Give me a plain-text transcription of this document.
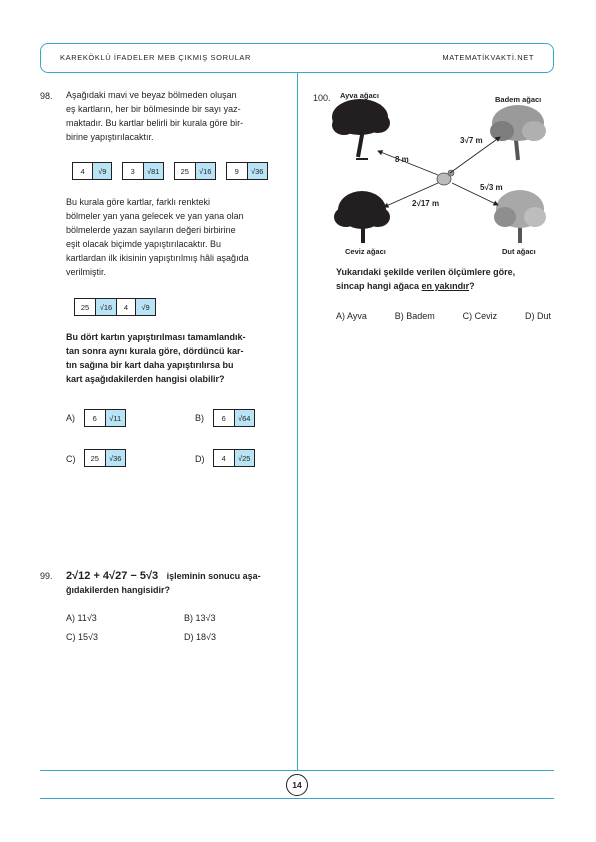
KAREKÖKLÜ İFADELER MEB ÇIKMIŞ SORULAR	MATEMATİKVAKTİ.NET
98. Aşağıdaki mavi ve beyaz bölmeden oluşan
eş kartların, her bir bölmesinde bir sayı yaz-
maktadır. Bu kartlar belirli bir kurala göre bir-
birine yapıştırılacaktır.
4	√9	3	√81	25	√16	9	√36
Bu kurala göre kartlar, farklı renkteki
bölmeler yan yana gelecek ve yan yana olan
bölmelerde yazan sayıların değeri birbirine
eşit olacak biçimde yapıştırılacaktır. Bu
kartlardan ilk ikisinin yapıştırılmış hâli aşağıda
verilmiştir.
25	√16	4	√9
Bu dört kartın yapıştırılması tamamlandık-
tan sonra aynı kurala göre, dördüncü kar-
tın sağına bir kart daha yapıştırılırsa bu
kart aşağıdakilerden hangisi olabilir?
A)	6	√11	B)	6	√64
C)	25	√36	D)	4	√25
99. 2√12 + 4√27 − 5√3 işleminin sonucu aşa-
ğıdakilerden hangisidir?
A) 11√3	B) 13√3
C) 15√3	D) 18√3
100. Ayva ağacı	Badem ağacı
Ceviz ağacı	Dut ağacı
8 m
3√7 m
2√17 m
5√3 m
Yukarıdaki şekilde verilen ölçümlere göre,
sincap hangi ağaca en yakındır?
A) Ayva	B) Badem	C) Ceviz	D) Dut
14
